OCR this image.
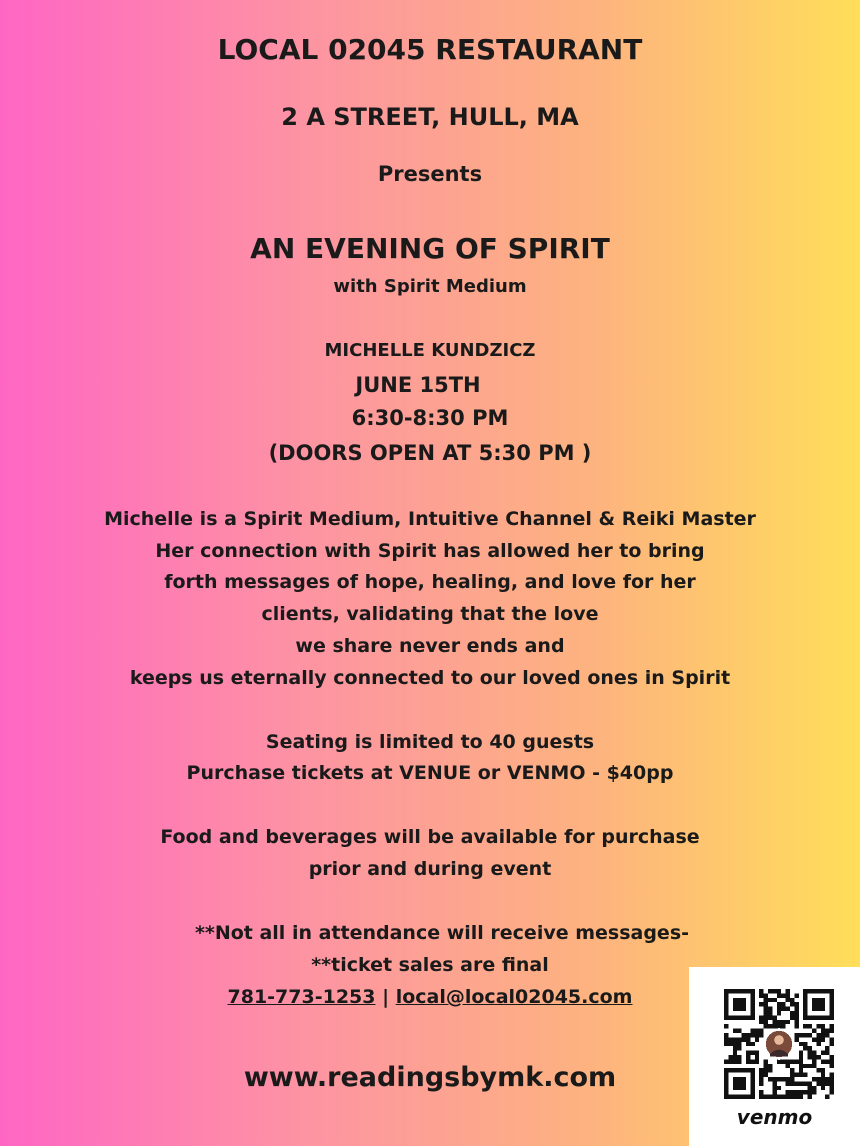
LOCAL 02045 RESTAURANT
2 A STREET, HULL, MA
Presents
AN EVENING OF SPIRIT
with Spirit Medium
MICHELLE KUNDZICZ
JUNE 15TH
6:30-8:30 PM
(DOORS OPEN AT 5:30 PM )
Michelle is a Spirit Medium, Intuitive Channel & Reiki Master
Her connection with Spirit has allowed her to bring
forth messages of hope, healing, and love for her
clients, validating that the love
we share never ends and
keeps us eternally connected to our loved ones in Spirit
Seating is limited to 40 guests
Purchase tickets at VENUE or VENMO - $40pp
Food and beverages will be available for purchase
prior and during event
**Not all in attendance will receive messages-
**ticket sales are final
781-773-1253 | local@local02045.com
www.readingsbymk.com
venmo
